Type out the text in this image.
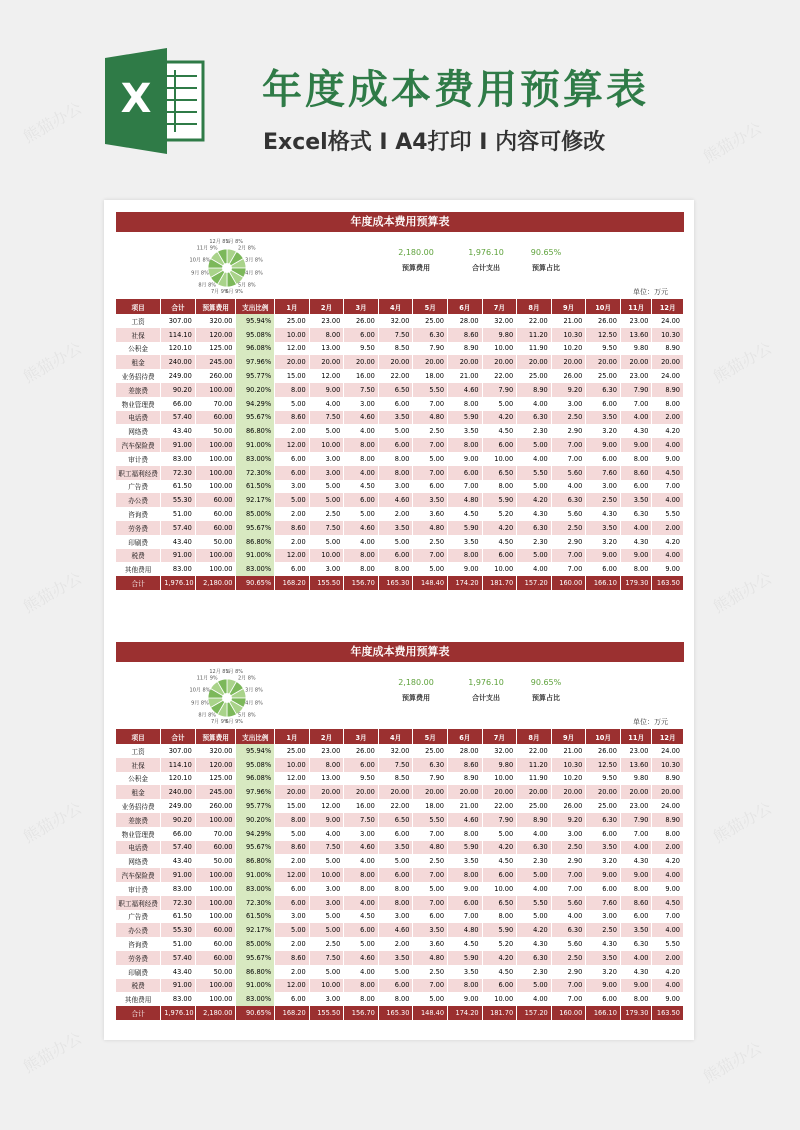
熊猫办公	熊猫办公
熊猫办公	熊猫办公
熊猫办公	熊猫办公
熊猫办公	熊猫办公
熊猫办公	熊猫办公
X	年度成本费用预算表
Excel格式 I A4打印 I 内容可修改
年度成本费用预算表
1月 8%
2月 8%
3月 8%
4月 8%
5月 8%
6月 9%
7月 9%
8月 8%
9月 8%
10月 8%
11月 9%
12月 8%
2,180.00
预算费用
1,976.10
合计支出
90.65%
预算占比
单位：万元
项目	合计	预算费用	支出比例	1月	2月	3月	4月	5月	6月	7月	8月	9月	10月	11月	12月
工资	307.00	320.00	95.94%	25.00	23.00	26.00	32.00	25.00	28.00	32.00	22.00	21.00	26.00	23.00	24.00
社保	114.10	120.00	95.08%	10.00	8.00	6.00	7.50	6.30	8.60	9.80	11.20	10.30	12.50	13.60	10.30
公积金	120.10	125.00	96.08%	12.00	13.00	9.50	8.50	7.90	8.90	10.00	11.90	10.20	9.50	9.80	8.90
租金	240.00	245.00	97.96%	20.00	20.00	20.00	20.00	20.00	20.00	20.00	20.00	20.00	20.00	20.00	20.00
业务招待费	249.00	260.00	95.77%	15.00	12.00	16.00	22.00	18.00	21.00	22.00	25.00	26.00	25.00	23.00	24.00
差旅费	90.20	100.00	90.20%	8.00	9.00	7.50	6.50	5.50	4.60	7.90	8.90	9.20	6.30	7.90	8.90
物业管理费	66.00	70.00	94.29%	5.00	4.00	3.00	6.00	7.00	8.00	5.00	4.00	3.00	6.00	7.00	8.00
电话费	57.40	60.00	95.67%	8.60	7.50	4.60	3.50	4.80	5.90	4.20	6.30	2.50	3.50	4.00	2.00
网络费	43.40	50.00	86.80%	2.00	5.00	4.00	5.00	2.50	3.50	4.50	2.30	2.90	3.20	4.30	4.20
汽车保险费	91.00	100.00	91.00%	12.00	10.00	8.00	6.00	7.00	8.00	6.00	5.00	7.00	9.00	9.00	4.00
审计费	83.00	100.00	83.00%	6.00	3.00	8.00	8.00	5.00	9.00	10.00	4.00	7.00	6.00	8.00	9.00
职工福利经费	72.30	100.00	72.30%	6.00	3.00	4.00	8.00	7.00	6.00	6.50	5.50	5.60	7.60	8.60	4.50
广告费	61.50	100.00	61.50%	3.00	5.00	4.50	3.00	6.00	7.00	8.00	5.00	4.00	3.00	6.00	7.00
办公费	55.30	60.00	92.17%	5.00	5.00	6.00	4.60	3.50	4.80	5.90	4.20	6.30	2.50	3.50	4.00
咨询费	51.00	60.00	85.00%	2.00	2.50	5.00	2.00	3.60	4.50	5.20	4.30	5.60	4.30	6.30	5.50
劳务费	57.40	60.00	95.67%	8.60	7.50	4.60	3.50	4.80	5.90	4.20	6.30	2.50	3.50	4.00	2.00
印刷费	43.40	50.00	86.80%	2.00	5.00	4.00	5.00	2.50	3.50	4.50	2.30	2.90	3.20	4.30	4.20
税费	91.00	100.00	91.00%	12.00	10.00	8.00	6.00	7.00	8.00	6.00	5.00	7.00	9.00	9.00	4.00
其他费用	83.00	100.00	83.00%	6.00	3.00	8.00	8.00	5.00	9.00	10.00	4.00	7.00	6.00	8.00	9.00
合计	1,976.10	2,180.00	90.65%	168.20	155.50	156.70	165.30	148.40	174.20	181.70	157.20	160.00	166.10	179.30	163.50
年度成本费用预算表
1月 8%
2月 8%
3月 8%
4月 8%
5月 8%
6月 9%
7月 9%
8月 8%
9月 8%
10月 8%
11月 9%
12月 8%
2,180.00
预算费用
1,976.10
合计支出
90.65%
预算占比
单位：万元
项目	合计	预算费用	支出比例	1月	2月	3月	4月	5月	6月	7月	8月	9月	10月	11月	12月
工资	307.00	320.00	95.94%	25.00	23.00	26.00	32.00	25.00	28.00	32.00	22.00	21.00	26.00	23.00	24.00
社保	114.10	120.00	95.08%	10.00	8.00	6.00	7.50	6.30	8.60	9.80	11.20	10.30	12.50	13.60	10.30
公积金	120.10	125.00	96.08%	12.00	13.00	9.50	8.50	7.90	8.90	10.00	11.90	10.20	9.50	9.80	8.90
租金	240.00	245.00	97.96%	20.00	20.00	20.00	20.00	20.00	20.00	20.00	20.00	20.00	20.00	20.00	20.00
业务招待费	249.00	260.00	95.77%	15.00	12.00	16.00	22.00	18.00	21.00	22.00	25.00	26.00	25.00	23.00	24.00
差旅费	90.20	100.00	90.20%	8.00	9.00	7.50	6.50	5.50	4.60	7.90	8.90	9.20	6.30	7.90	8.90
物业管理费	66.00	70.00	94.29%	5.00	4.00	3.00	6.00	7.00	8.00	5.00	4.00	3.00	6.00	7.00	8.00
电话费	57.40	60.00	95.67%	8.60	7.50	4.60	3.50	4.80	5.90	4.20	6.30	2.50	3.50	4.00	2.00
网络费	43.40	50.00	86.80%	2.00	5.00	4.00	5.00	2.50	3.50	4.50	2.30	2.90	3.20	4.30	4.20
汽车保险费	91.00	100.00	91.00%	12.00	10.00	8.00	6.00	7.00	8.00	6.00	5.00	7.00	9.00	9.00	4.00
审计费	83.00	100.00	83.00%	6.00	3.00	8.00	8.00	5.00	9.00	10.00	4.00	7.00	6.00	8.00	9.00
职工福利经费	72.30	100.00	72.30%	6.00	3.00	4.00	8.00	7.00	6.00	6.50	5.50	5.60	7.60	8.60	4.50
广告费	61.50	100.00	61.50%	3.00	5.00	4.50	3.00	6.00	7.00	8.00	5.00	4.00	3.00	6.00	7.00
办公费	55.30	60.00	92.17%	5.00	5.00	6.00	4.60	3.50	4.80	5.90	4.20	6.30	2.50	3.50	4.00
咨询费	51.00	60.00	85.00%	2.00	2.50	5.00	2.00	3.60	4.50	5.20	4.30	5.60	4.30	6.30	5.50
劳务费	57.40	60.00	95.67%	8.60	7.50	4.60	3.50	4.80	5.90	4.20	6.30	2.50	3.50	4.00	2.00
印刷费	43.40	50.00	86.80%	2.00	5.00	4.00	5.00	2.50	3.50	4.50	2.30	2.90	3.20	4.30	4.20
税费	91.00	100.00	91.00%	12.00	10.00	8.00	6.00	7.00	8.00	6.00	5.00	7.00	9.00	9.00	4.00
其他费用	83.00	100.00	83.00%	6.00	3.00	8.00	8.00	5.00	9.00	10.00	4.00	7.00	6.00	8.00	9.00
合计	1,976.10	2,180.00	90.65%	168.20	155.50	156.70	165.30	148.40	174.20	181.70	157.20	160.00	166.10	179.30	163.50
